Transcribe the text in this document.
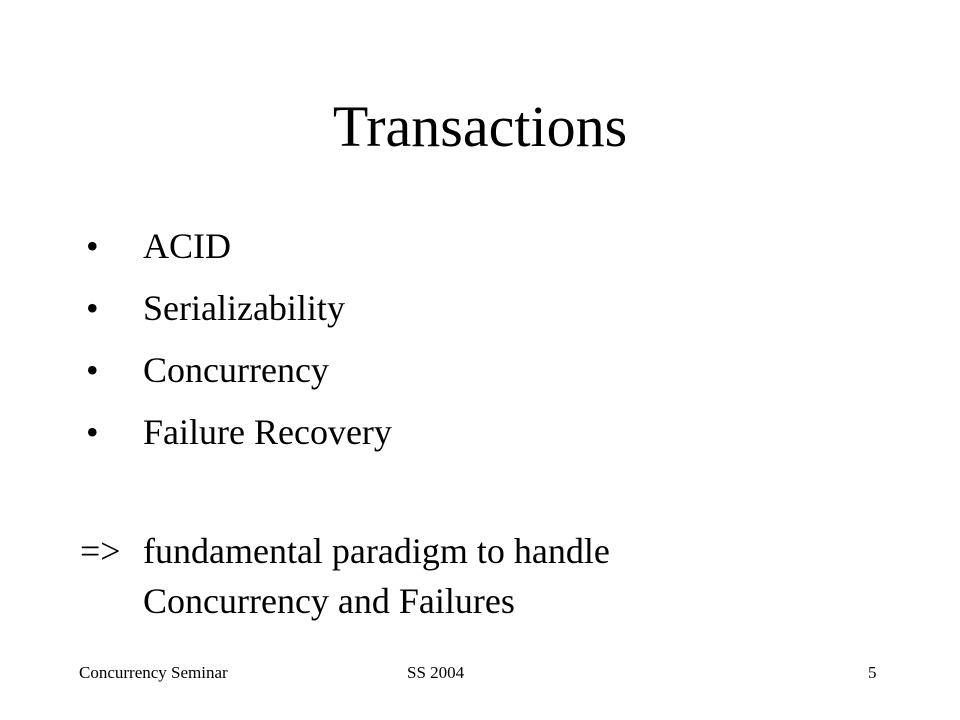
Transactions
• ACID
• Serializability
• Concurrency
• Failure Recovery
=> fundamental paradigm to handle
Concurrency and Failures
Concurrency Seminar	SS 2004	5
